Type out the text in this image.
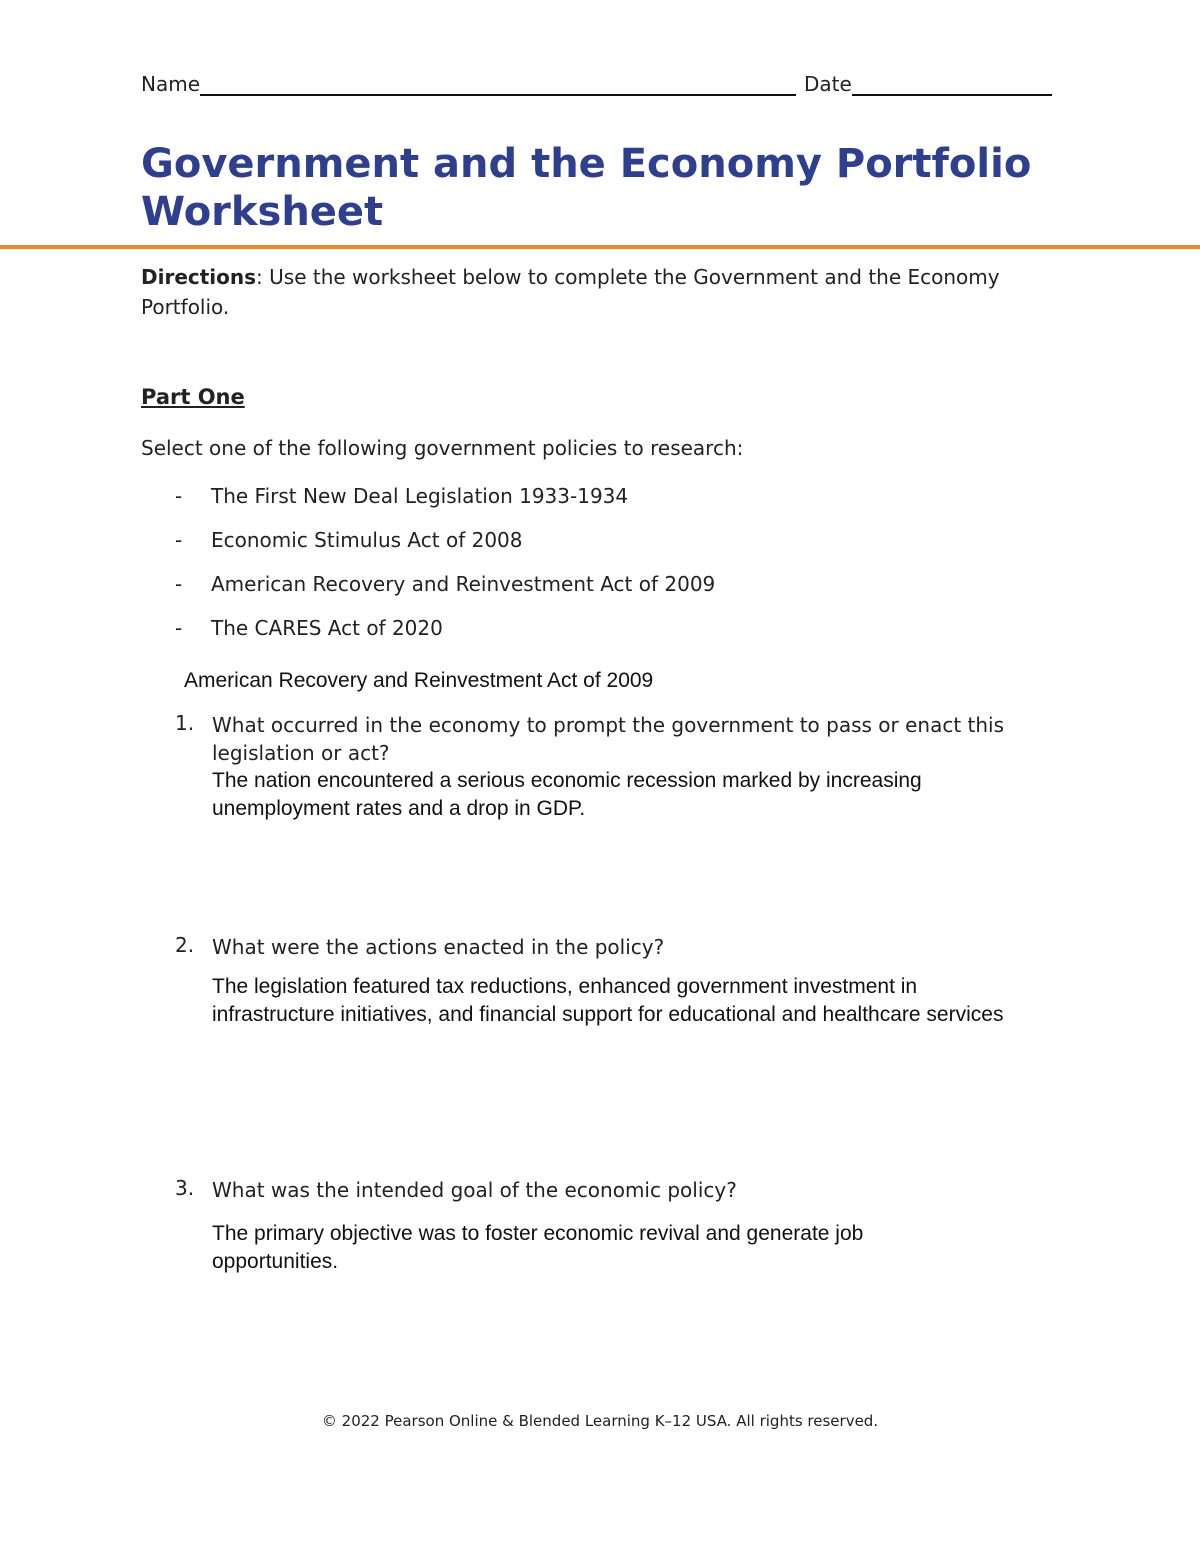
Name	Date
Government and the Economy Portfolio Worksheet
Directions: Use the worksheet below to complete the Government and the Economy Portfolio.
Part One
Select one of the following government policies to research:
-	The First New Deal Legislation 1933-1934
-	Economic Stimulus Act of 2008
-	American Recovery and Reinvestment Act of 2009
-	The CARES Act of 2020
American Recovery and Reinvestment Act of 2009
1. What occurred in the economy to prompt the government to pass or enact this legislation or act?
The nation encountered a serious economic recession marked by increasing unemployment rates and a drop in GDP.
2. What were the actions enacted in the policy?
The legislation featured tax reductions, enhanced government investment in infrastructure initiatives, and financial support for educational and healthcare services
3. What was the intended goal of the economic policy?
The primary objective was to foster economic revival and generate job opportunities.
© 2022 Pearson Online & Blended Learning K–12 USA. All rights reserved.
